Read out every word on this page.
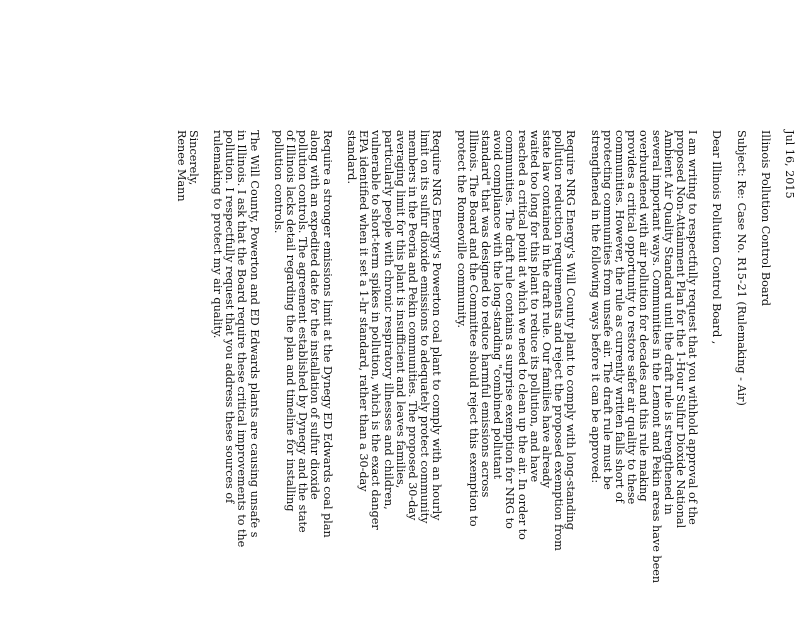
Jul 16, 2015
Illinois Pollution Control Board
Subject: Re: Case No. R15-21 (Rulemaking - Air)
Dear Illinois Pollution Control Board ,
I am writing to respectfully request that you withhold approval of the
proposed Non-Attainment Plan for the 1-Hour Sulfur Dioxide National
Ambient Air Quality Standard until the draft rule is strengthened in
several important ways. Communities in the Lemont and Pekin areas have been
overburdened with air pollution for decades and this rule making
provides a critical opportunity to restore safer air quality to these
communities. However, the rule as currently written falls short of
protecting communities from unsafe air. The draft rule must be
strengthened in the following ways before it can be approved:
Require NRG Energy's Will County plant to comply with long-standing
pollution reduction requirements and reject the proposed exemption from
state law contained in the draft rule. Our families have already
waited too long for this plant to reduce its pollution, and have
reached a critical point at which we need to clean up the air. In order to
communities. The draft rule contains a surprise exemption for NRG to
avoid compliance with the long-standing "combined pollutant
standard" that was designed to reduce harmful emissions across
Illinois. The Board and the Committee should reject this exemption to
protect the Romeoville community.
Require NRG Energy's Powerton coal plant to comply with an hourly
limit on its sulfur dioxide emissions to adequately protect community
members in the Peoria and Pekin communities. The proposed 30-day
averaging limit for this plant is insufficient and leaves families,
particularly people with chronic respiratory illnesses and children,
vulnerable to short-term spikes in pollution, which is the exact danger
EPA identified when it set a 1-hr standard, rather than a 30-day
standard.
Require a stronger emissions limit at the Dynegy ED Edwards coal plan
along with an expedited date for the installation of sulfur dioxide
pollution controls. The agreement established by Dynegy and the state
of Illinois lacks detail regarding the plan and timeline for installing
pollution controls.
The Will County, Powerton and ED Edwards plants are causing unsafe s
in Illinois. I ask that the Board require these critical improvements to the
pollution. I respectfully request that you address these sources of
rulemaking to protect my air quality.
Sincerely,
Renee Mann
